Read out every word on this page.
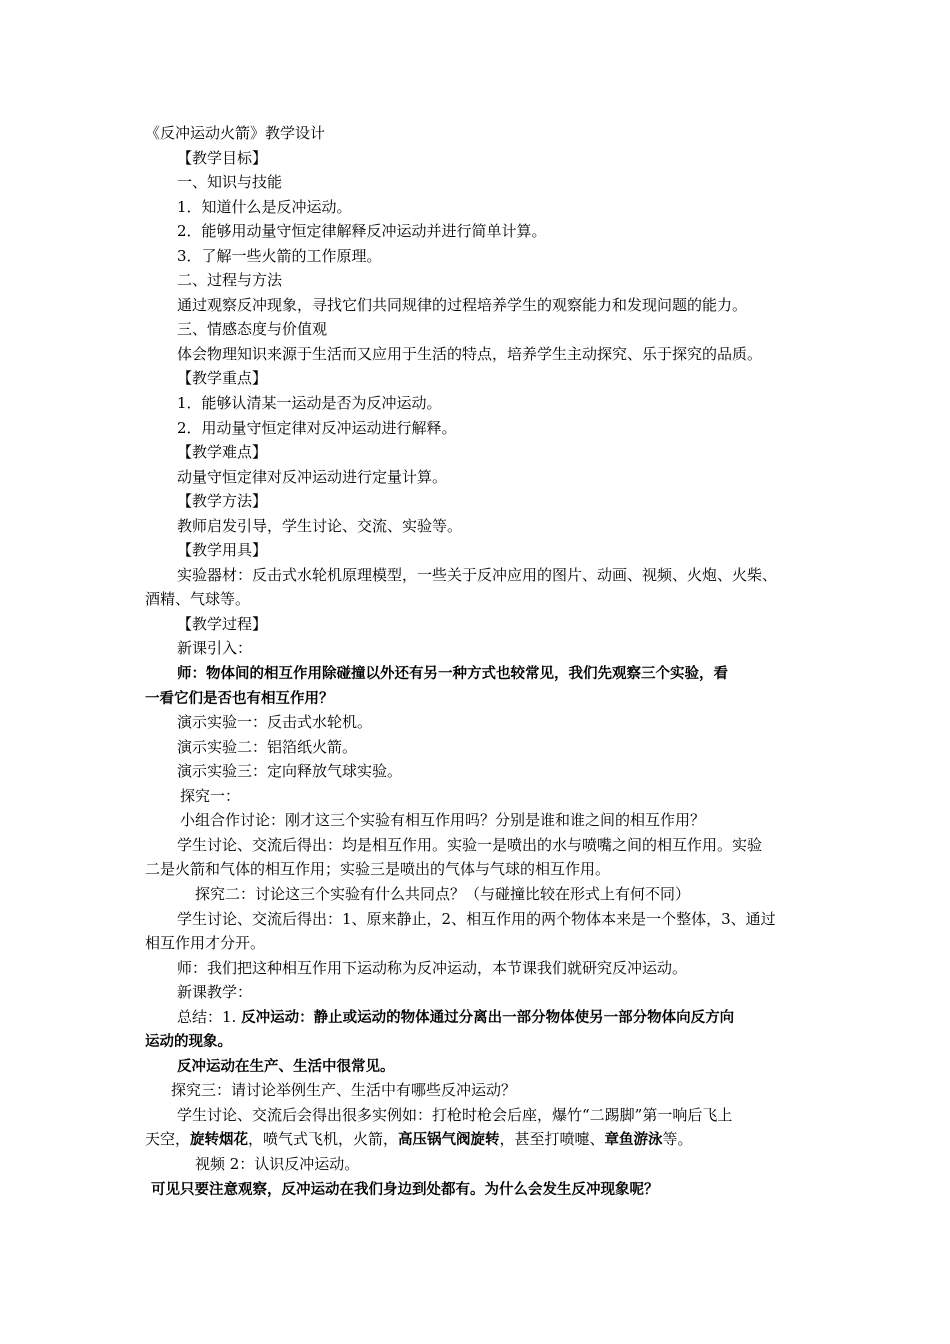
《反冲运动火箭》教学设计
【教学目标】
一、知识与技能
1．知道什么是反冲运动。
2．能够用动量守恒定律解释反冲运动并进行简单计算。
3．了解一些火箭的工作原理。
二、过程与方法
通过观察反冲现象，寻找它们共同规律的过程培养学生的观察能力和发现问题的能力。
三、情感态度与价值观
体会物理知识来源于生活而又应用于生活的特点，培养学生主动探究、乐于探究的品质。
【教学重点】
1．能够认清某一运动是否为反冲运动。
2．用动量守恒定律对反冲运动进行解释。
【教学难点】
动量守恒定律对反冲运动进行定量计算。
【教学方法】
教师启发引导，学生讨论、交流、实验等。
【教学用具】
实验器材：反击式水轮机原理模型，一些关于反冲应用的图片、动画、视频、火炮、火柴、
酒精、气球等。
【教学过程】
新课引入：
师：物体间的相互作用除碰撞以外还有另一种方式也较常见，我们先观察三个实验，看
一看它们是否也有相互作用？
演示实验一：反击式水轮机。
演示实验二：铝箔纸火箭。
演示实验三：定向释放气球实验。
探究一：
小组合作讨论：刚才这三个实验有相互作用吗？分别是谁和谁之间的相互作用？
学生讨论、交流后得出：均是相互作用。实验一是喷出的水与喷嘴之间的相互作用。实验
二是火箭和气体的相互作用；实验三是喷出的气体与气球的相互作用。
探究二：讨论这三个实验有什么共同点？（与碰撞比较在形式上有何不同）
学生讨论、交流后得出：1、原来静止，2、相互作用的两个物体本来是一个整体，3、通过
相互作用才分开。
师：我们把这种相互作用下运动称为反冲运动，本节课我们就研究反冲运动。
新课教学：
总结：1. 反冲运动：静止或运动的物体通过分离出一部分物体使另一部分物体向反方向
运动的现象。
反冲运动在生产、生活中很常见。
探究三：请讨论举例生产、生活中有哪些反冲运动？
学生讨论、交流后会得出很多实例如：打枪时枪会后座，爆竹“二踢脚”第一响后飞上
天空，旋转烟花，喷气式飞机，火箭，高压锅气阀旋转，甚至打喷嚏、章鱼游泳等。
视频 2：认识反冲运动。
可见只要注意观察，反冲运动在我们身边到处都有。为什么会发生反冲现象呢？
